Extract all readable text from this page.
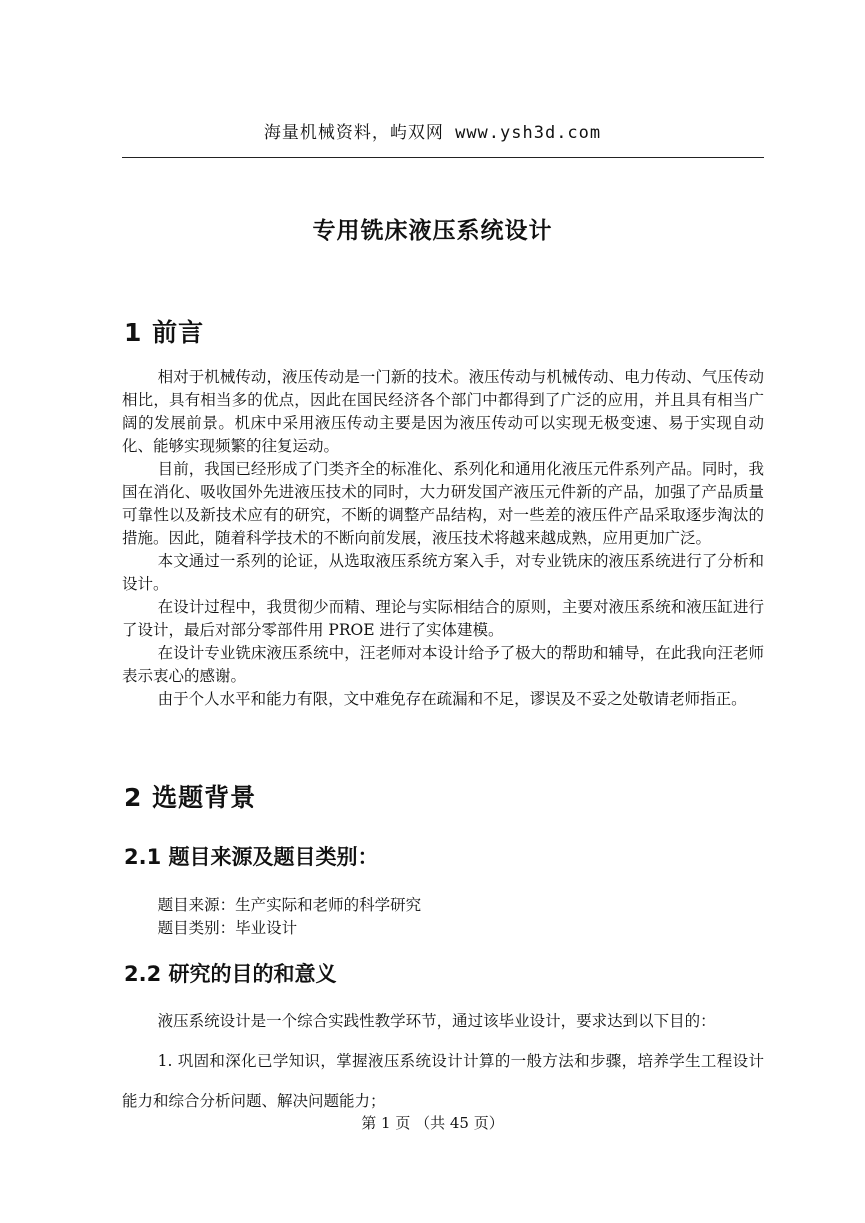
海量机械资料，屿双网 www.ysh3d.com
专用铣床液压系统设计
1 前言

相对于机械传动，液压传动是一门新的技术。液压传动与机械传动、电力传动、气压传动相比，具有相当多的优点，因此在国民经济各个部门中都得到了广泛的应用，并且具有相当广阔的发展前景。机床中采用液压传动主要是因为液压传动可以实现无极变速、易于实现自动化、能够实现频繁的往复运动。

目前，我国已经形成了门类齐全的标准化、系列化和通用化液压元件系列产品。同时，我国在消化、吸收国外先进液压技术的同时，大力研发国产液压元件新的产品，加强了产品质量可靠性以及新技术应有的研究，不断的调整产品结构，对一些差的液压件产品采取逐步淘汰的措施。因此，随着科学技术的不断向前发展，液压技术将越来越成熟，应用更加广泛。

本文通过一系列的论证，从选取液压系统方案入手，对专业铣床的液压系统进行了分析和设计。

在设计过程中，我贯彻少而精、理论与实际相结合的原则，主要对液压系统和液压缸进行了设计，最后对部分零部件用 PROE 进行了实体建模。

在设计专业铣床液压系统中，汪老师对本设计给予了极大的帮助和辅导，在此我向汪老师表示衷心的感谢。

由于个人水平和能力有限，文中难免存在疏漏和不足，谬误及不妥之处敬请老师指正。

2 选题背景
2.1 题目来源及题目类别：

题目来源：生产实际和老师的科学研究

题目类别：毕业设计

2.2 研究的目的和意义

液压系统设计是一个综合实践性教学环节，通过该毕业设计，要求达到以下目的：

1. 巩固和深化已学知识，掌握液压系统设计计算的一般方法和步骤，培养学生工程设计能力和综合分析问题、解决问题能力；

第 1 页 （共 45 页）
